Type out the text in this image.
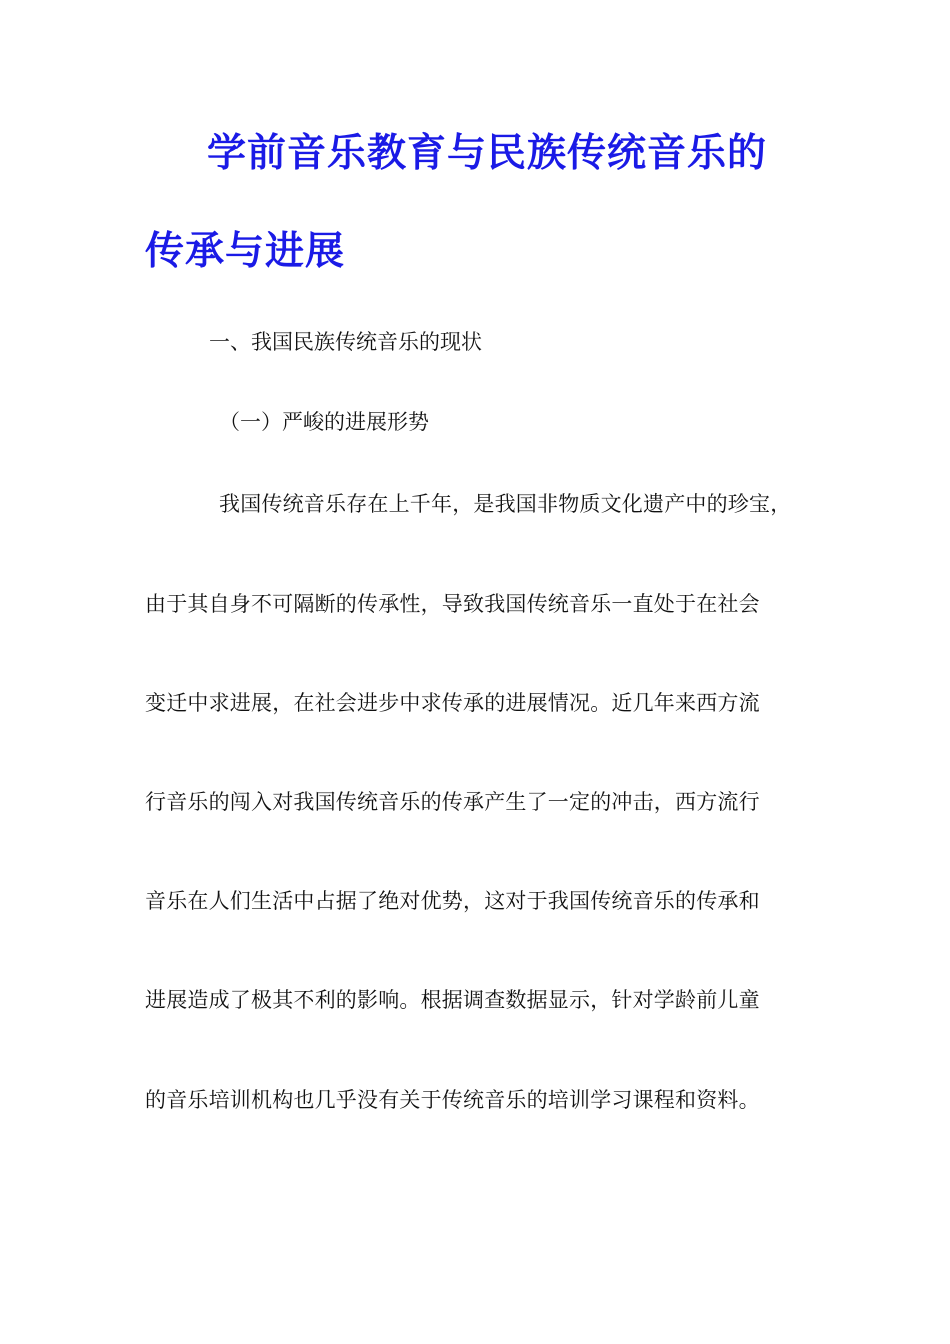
学前音乐教育与民族传统音乐的
传承与进展

一、我国民族传统音乐的现状

（一）严峻的进展形势

我国传统音乐存在上千年，是我国非物质文化遗产中的珍宝，

由于其自身不可隔断的传承性，导致我国传统音乐一直处于在社会

变迁中求进展，在社会进步中求传承的进展情况。近几年来西方流

行音乐的闯入对我国传统音乐的传承产生了一定的冲击，西方流行

音乐在人们生活中占据了绝对优势，这对于我国传统音乐的传承和

进展造成了极其不利的影响。根据调查数据显示，针对学龄前儿童

的音乐培训机构也几乎没有关于传统音乐的培训学习课程和资料。
